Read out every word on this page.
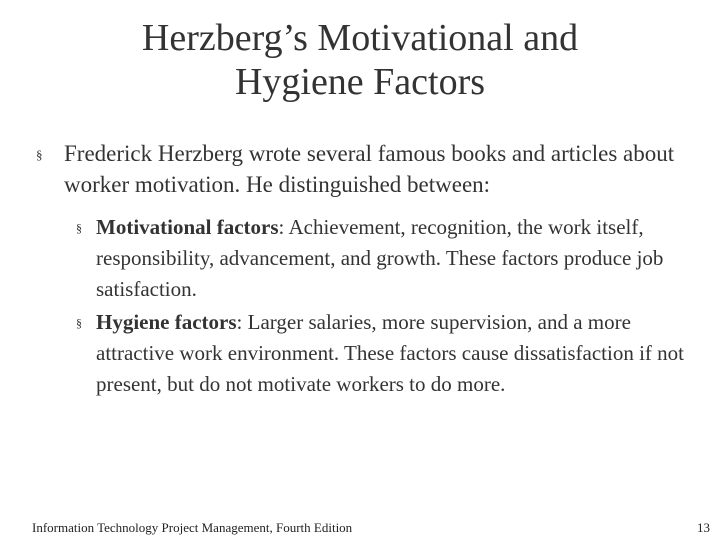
Herzberg’s Motivational and
Hygiene Factors
§ Frederick Herzberg wrote several famous books and articles about worker motivation. He distinguished between:
§ Motivational factors: Achievement, recognition, the work itself, responsibility, advancement, and growth. These factors produce job satisfaction.
§ Hygiene factors: Larger salaries, more supervision, and a more attractive work environment. These factors cause dissatisfaction if not present, but do not motivate workers to do more.
Information Technology Project Management, Fourth Edition	13
